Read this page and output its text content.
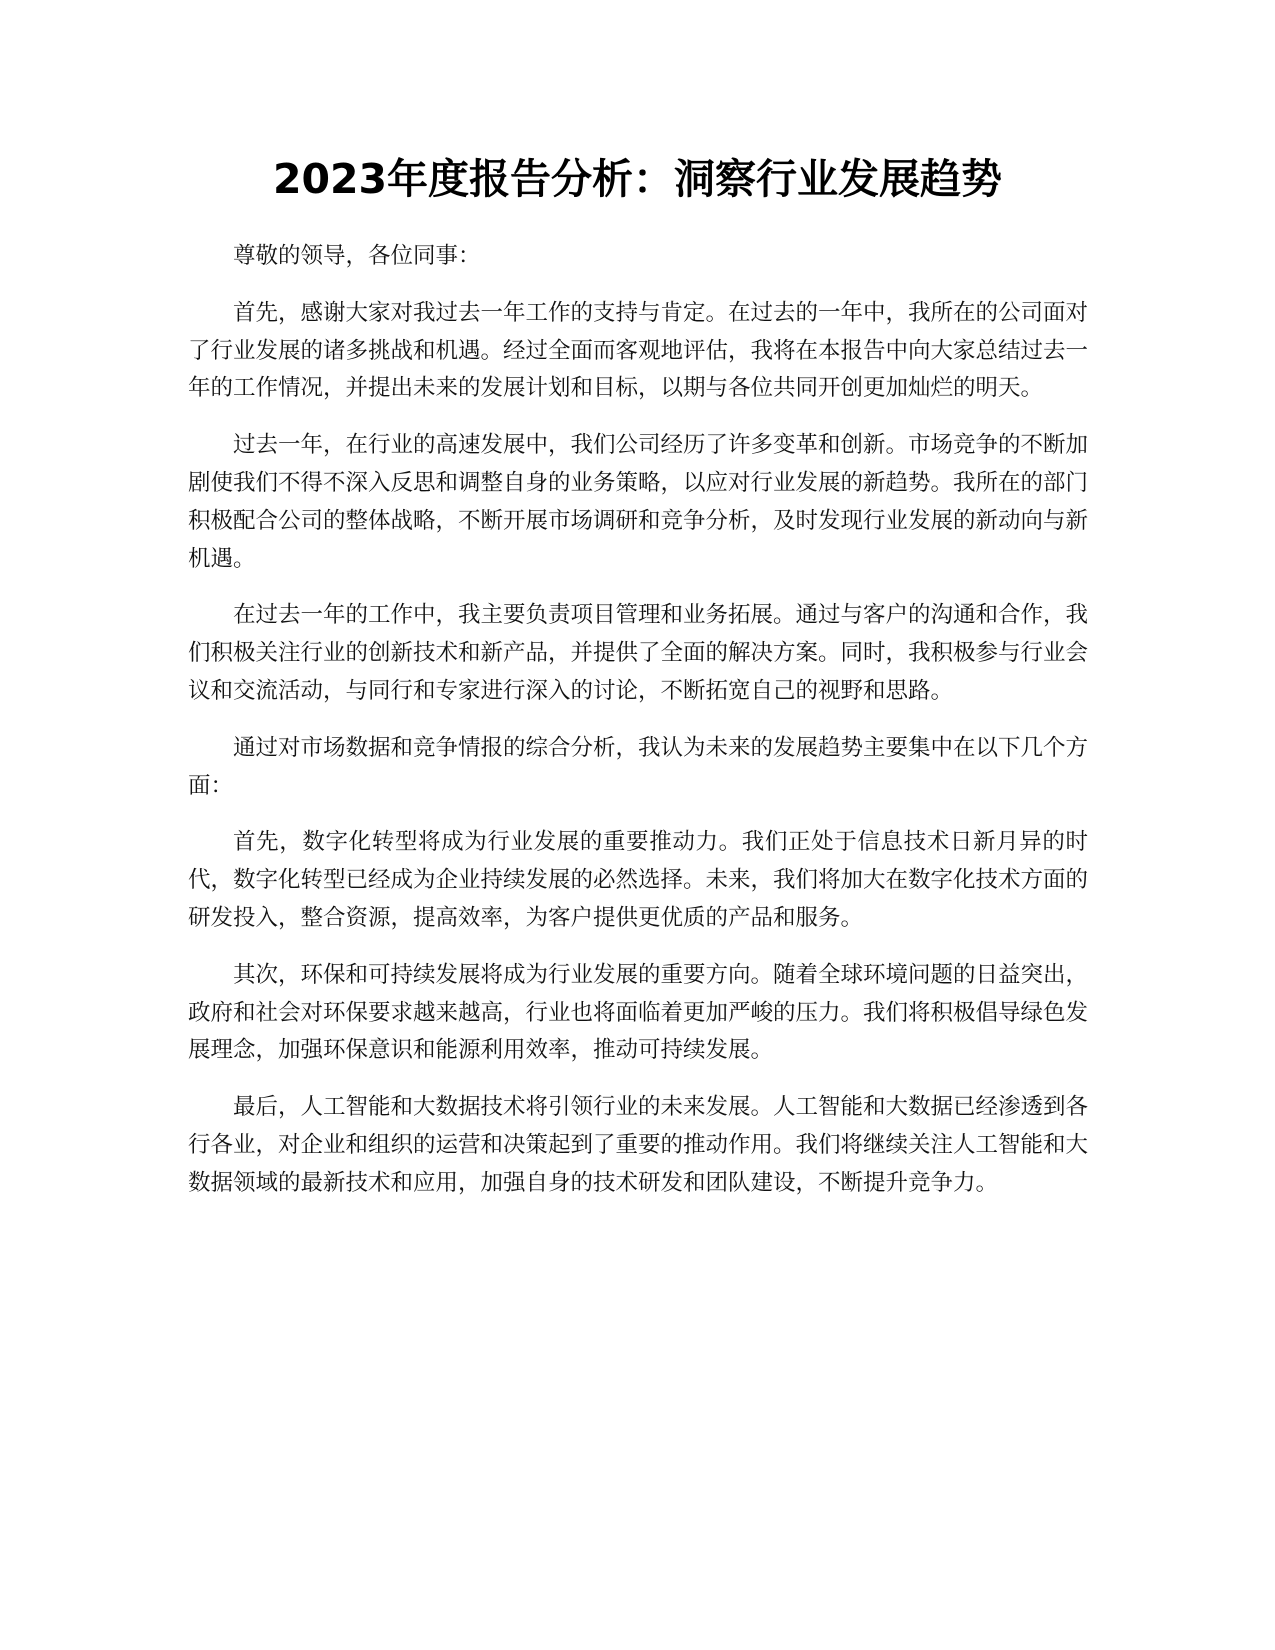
2023年度报告分析：洞察行业发展趋势

尊敬的领导，各位同事：

首先，感谢大家对我过去一年工作的支持与肯定。在过去的一年中，我所在的公司面对了行业发展的诸多挑战和机遇。经过全面而客观地评估，我将在本报告中向大家总结过去一年的工作情况，并提出未来的发展计划和目标，以期与各位共同开创更加灿烂的明天。

过去一年，在行业的高速发展中，我们公司经历了许多变革和创新。市场竞争的不断加剧使我们不得不深入反思和调整自身的业务策略，以应对行业发展的新趋势。我所在的部门积极配合公司的整体战略，不断开展市场调研和竞争分析，及时发现行业发展的新动向与新机遇。

在过去一年的工作中，我主要负责项目管理和业务拓展。通过与客户的沟通和合作，我们积极关注行业的创新技术和新产品，并提供了全面的解决方案。同时，我积极参与行业会议和交流活动，与同行和专家进行深入的讨论，不断拓宽自己的视野和思路。

通过对市场数据和竞争情报的综合分析，我认为未来的发展趋势主要集中在以下几个方面：

首先，数字化转型将成为行业发展的重要推动力。我们正处于信息技术日新月异的时代，数字化转型已经成为企业持续发展的必然选择。未来，我们将加大在数字化技术方面的研发投入，整合资源，提高效率，为客户提供更优质的产品和服务。

其次，环保和可持续发展将成为行业发展的重要方向。随着全球环境问题的日益突出，政府和社会对环保要求越来越高，行业也将面临着更加严峻的压力。我们将积极倡导绿色发展理念，加强环保意识和能源利用效率，推动可持续发展。

最后，人工智能和大数据技术将引领行业的未来发展。人工智能和大数据已经渗透到各行各业，对企业和组织的运营和决策起到了重要的推动作用。我们将继续关注人工智能和大数据领域的最新技术和应用，加强自身的技术研发和团队建设，不断提升竞争力。
